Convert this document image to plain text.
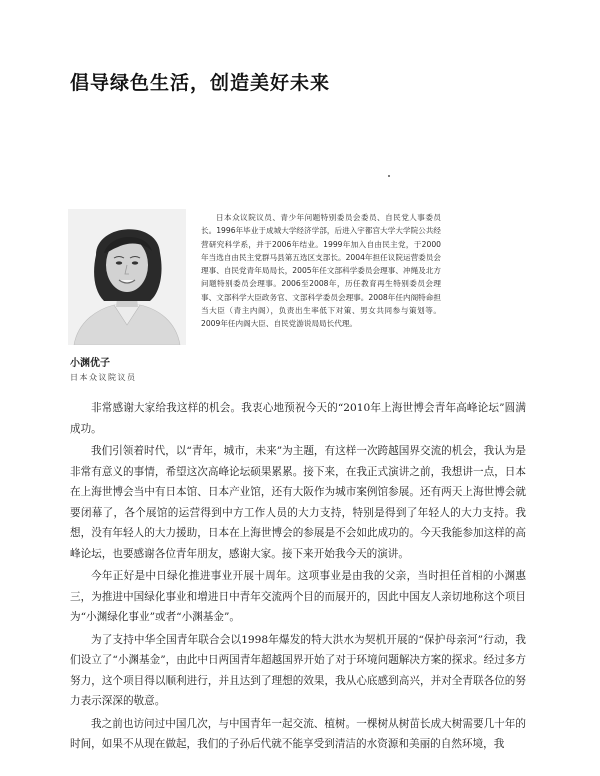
倡导绿色生活，创造美好未来

日本众议院议员、青少年问题特别委员会委员、自民党人事委员长。1996年毕业于成城大学经济学部，后进入宇都宫大学大学院公共经营研究科学系，并于2006年结业。1999年加入自由民主党，于2000年当选自由民主党群马县第五选区支部长。2004年担任议院运营委员会理事、自民党青年局局长，2005年任文部科学委员会理事、冲绳及北方问题特别委员会理事。2006至2008年，历任教育再生特别委员会理事、文部科学大臣政务官、文部科学委员会理事。2008年任内阁特命担当大臣（青主内阁），负责出生率低下对策、男女共同参与策划等。2009年任内阁大臣、自民党游说局局长代理。

小渊优子
日本众议院议员

非常感谢大家给我这样的机会。我衷心地预祝今天的“2010年上海世博会青年高峰论坛”圆满成功。

我们引领着时代，以“青年，城市，未来”为主题，有这样一次跨越国界交流的机会，我认为是非常有意义的事情，希望这次高峰论坛硕果累累。接下来，在我正式演讲之前，我想讲一点，日本在上海世博会当中有日本馆、日本产业馆，还有大阪作为城市案例馆参展。还有两天上海世博会就要闭幕了，各个展馆的运营得到中方工作人员的大力支持，特别是得到了年轻人的大力支持。我想，没有年轻人的大力援助，日本在上海世博会的参展是不会如此成功的。今天我能参加这样的高峰论坛，也要感谢各位青年朋友，感谢大家。接下来开始我今天的演讲。

今年正好是中日绿化推进事业开展十周年。这项事业是由我的父亲，当时担任首相的小渊惠三，为推进中国绿化事业和增进日中青年交流两个目的而展开的，因此中国友人亲切地称这个项目为“小渊绿化事业”或者“小渊基金”。

为了支持中华全国青年联合会以1998年爆发的特大洪水为契机开展的“保护母亲河”行动，我们设立了“小渊基金”，由此中日两国青年超越国界开始了对于环境问题解决方案的探求。经过多方努力，这个项目得以顺利进行，并且达到了理想的效果，我从心底感到高兴，并对全青联各位的努力表示深深的敬意。

我之前也访问过中国几次，与中国青年一起交流、植树。一棵树从树苗长成大树需要几十年的时间，如果不从现在做起，我们的子孙后代就不能享受到清洁的水资源和美丽的自然环境，我
